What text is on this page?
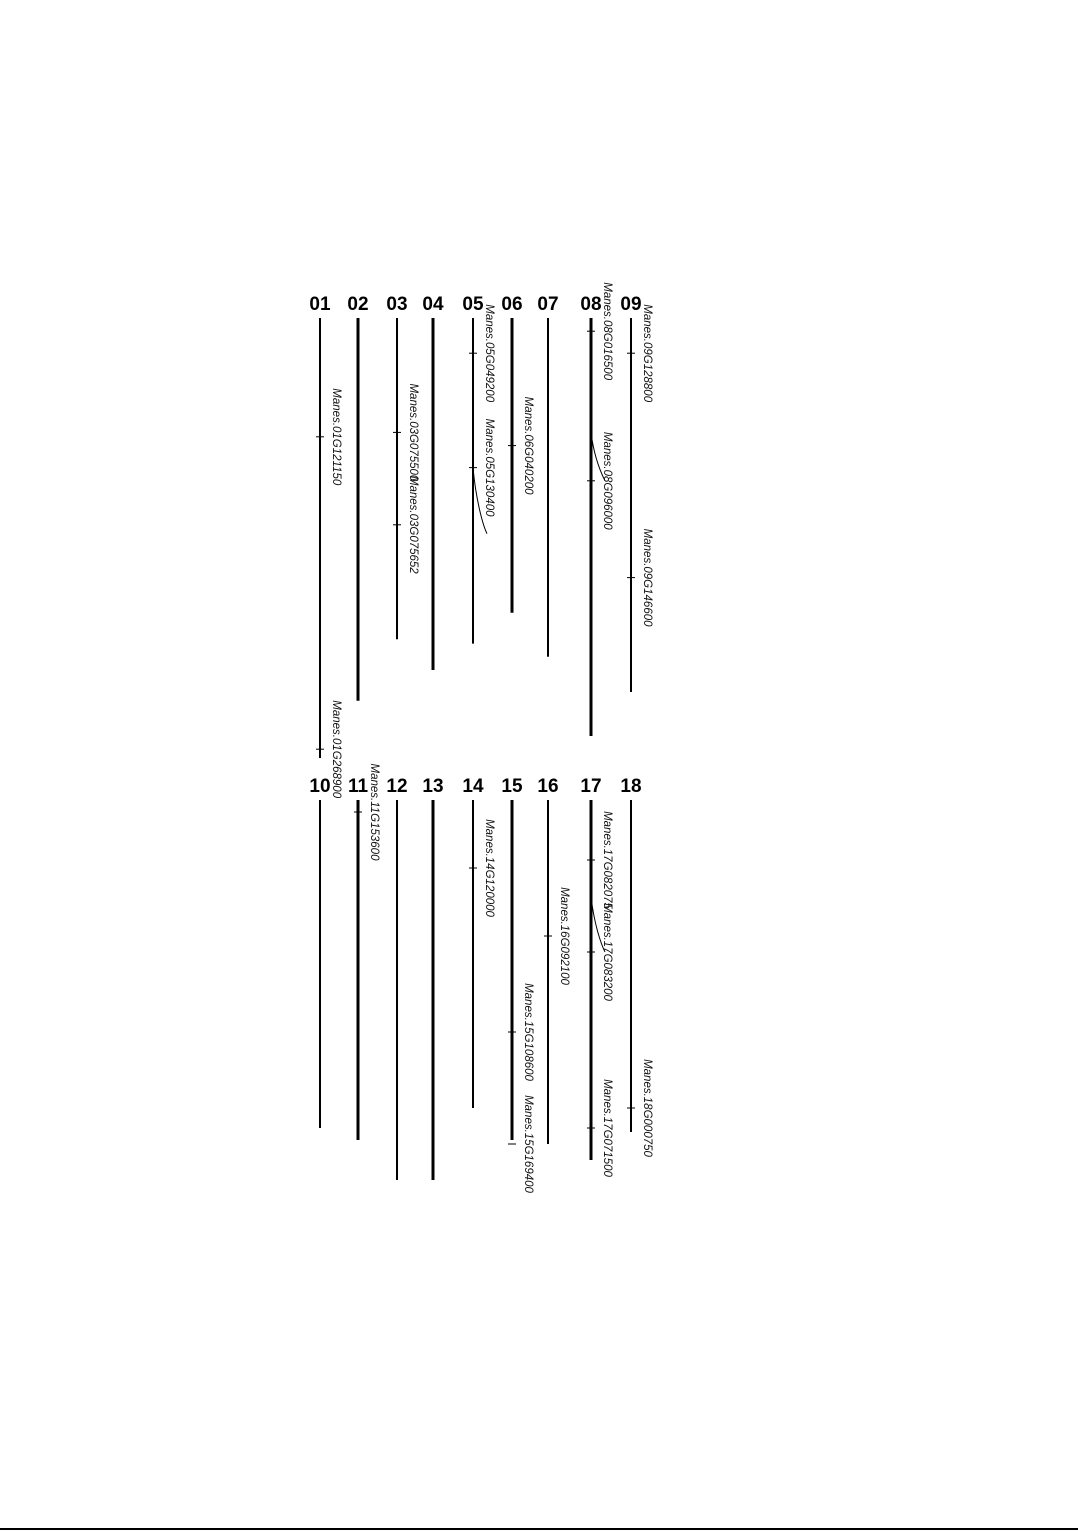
01
Manes.01G121150
Manes.01G268900
02 03
Manes.03G075500
Manes.03G075652
04 05 Manes.05G049200
Manes.05G130400
06
Manes.06G040200
07 08 Manes.08G016500
Manes.08G096000
09 Manes.09G128800
Manes.09G146600
10 11 Manes.11G153600 12 13 14
Manes.14G120000
15
Manes.15G108600
Manes.15G169400
16
Manes.16G092100
17
Manes.17G082075
Manes.17G083200
Manes.17G071500
18
Manes.18G000750
